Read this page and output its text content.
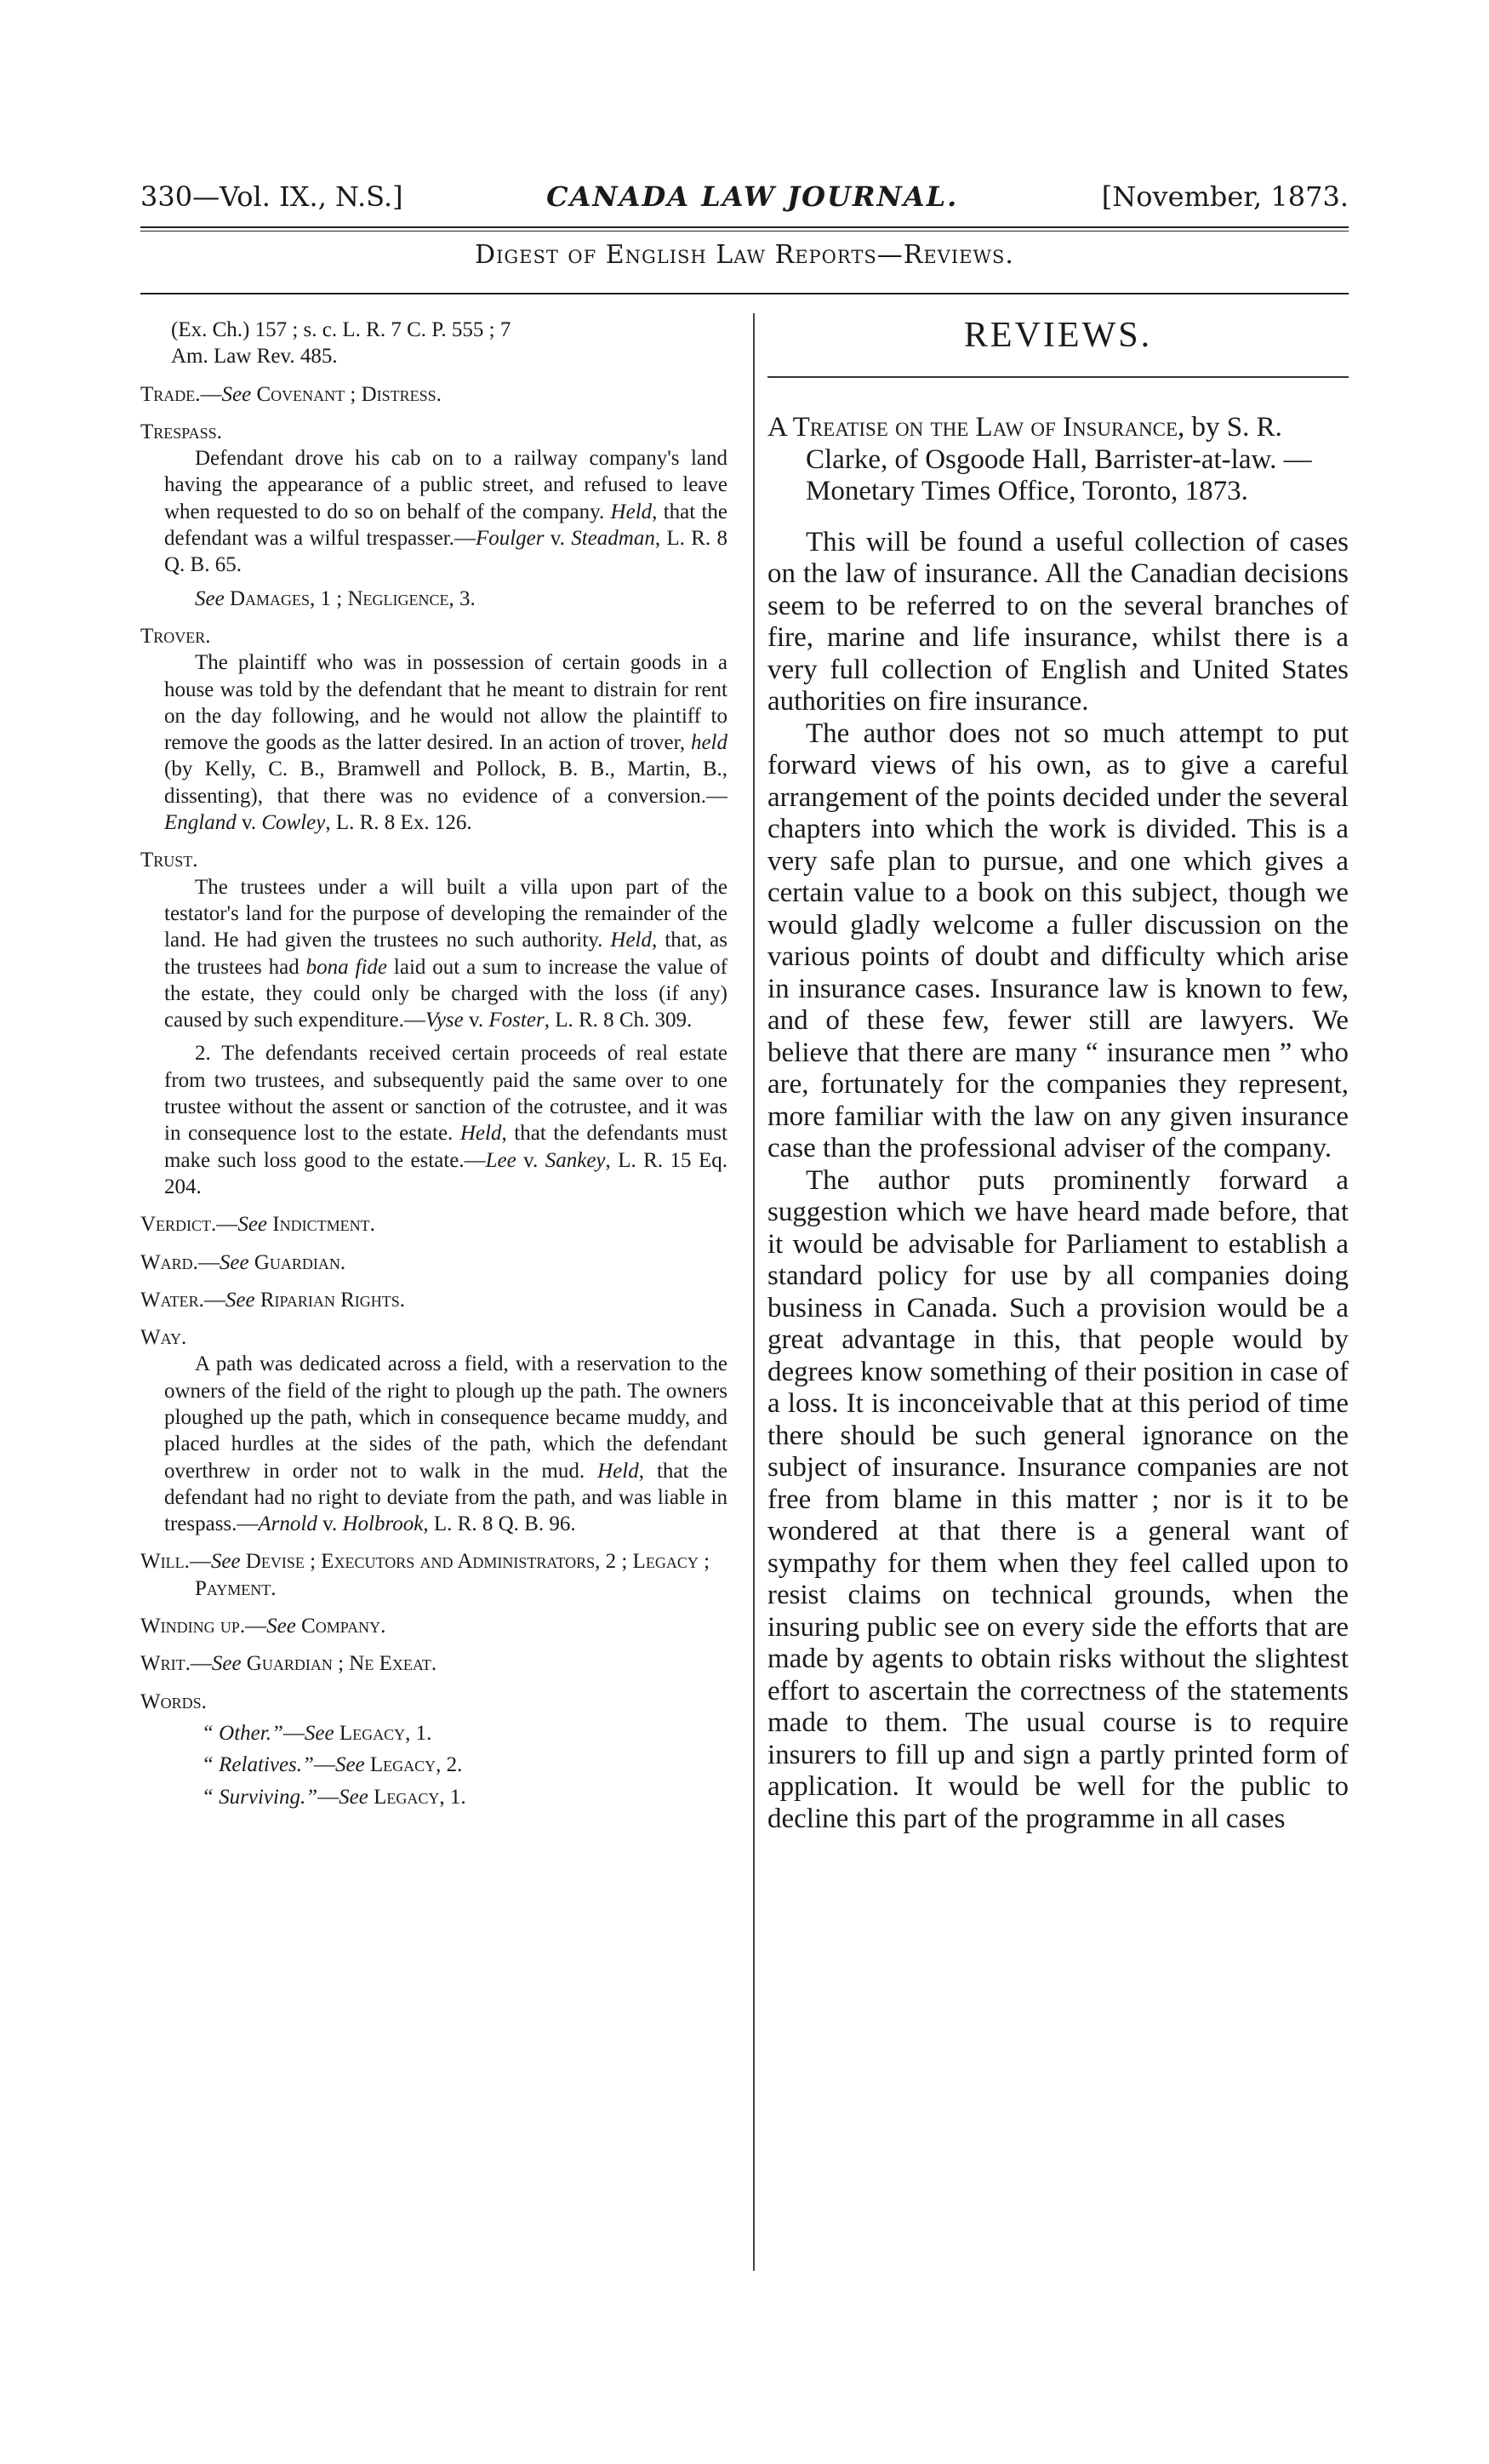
330—Vol. IX., N.S.]	CANADA LAW JOURNAL.	[November, 1873.
Digest of English Law Reports—Reviews.

(Ex. Ch.) 157 ; s. c. L. R. 7 C. P. 555 ; 7

Am. Law Rev. 485.

Trade.—See Covenant ; Distress.

Trespass.

Defendant drove his cab on to a railway company's land having the appearance of a public street, and refused to leave when requested to do so on behalf of the company. Held, that the defendant was a wilful trespasser.—Foulger v. Steadman, L. R. 8 Q. B. 65.

See Damages, 1 ; Negligence, 3.

Trover.

The plaintiff who was in possession of certain goods in a house was told by the defendant that he meant to distrain for rent on the day following, and he would not allow the plaintiff to remove the goods as the latter desired. In an action of trover, held (by Kelly, C. B., Bramwell and Pollock, B. B., Martin, B., dissenting), that there was no evidence of a conversion.—England v. Cowley, L. R. 8 Ex. 126.

Trust.

The trustees under a will built a villa upon part of the testator's land for the purpose of developing the remainder of the land. He had given the trustees no such authority. Held, that, as the trustees had bona fide laid out a sum to increase the value of the estate, they could only be charged with the loss (if any) caused by such expenditure.—Vyse v. Foster, L. R. 8 Ch. 309.

2. The defendants received certain proceeds of real estate from two trustees, and subsequently paid the same over to one trustee without the assent or sanction of the cotrustee, and it was in consequence lost to the estate. Held, that the defendants must make such loss good to the estate.—Lee v. Sankey, L. R. 15 Eq. 204.

Verdict.—See Indictment.

Ward.—See Guardian.

Water.—See Riparian Rights.

Way.

A path was dedicated across a field, with a reservation to the owners of the field of the right to plough up the path. The owners ploughed up the path, which in consequence became muddy, and placed hurdles at the sides of the path, which the defendant overthrew in order not to walk in the mud. Held, that the defendant had no right to deviate from the path, and was liable in trespass.—Arnold v. Holbrook, L. R. 8 Q. B. 96.

Will.—See Devise ; Executors and Administrators, 2 ; Legacy ; Payment.

Winding up.—See Company.

Writ.—See Guardian ; Ne Exeat.

Words.

“ Other.”—See Legacy, 1.

“ Relatives.”—See Legacy, 2.

“ Surviving.”—See Legacy, 1.

REVIEWS.

A Treatise on the Law of Insurance, by S. R. Clarke, of Osgoode Hall, Barrister-at-law. — Monetary Times Office, Toronto, 1873.

This will be found a useful collection of cases on the law of insurance. All the Canadian decisions seem to be referred to on the several branches of fire, marine and life insurance, whilst there is a very full collection of English and United States authorities on fire insurance.

The author does not so much attempt to put forward views of his own, as to give a careful arrangement of the points decided under the several chapters into which the work is divided. This is a very safe plan to pursue, and one which gives a certain value to a book on this subject, though we would gladly welcome a fuller discussion on the various points of doubt and difficulty which arise in insurance cases. Insurance law is known to few, and of these few, fewer still are lawyers. We believe that there are many “ insurance men ” who are, fortunately for the companies they represent, more familiar with the law on any given insurance case than the professional adviser of the company.

The author puts prominently forward a suggestion which we have heard made before, that it would be advisable for Parliament to establish a standard policy for use by all companies doing business in Canada. Such a provision would be a great advantage in this, that people would by degrees know something of their position in case of a loss. It is inconceivable that at this period of time there should be such general ignorance on the subject of insurance. Insurance companies are not free from blame in this matter ; nor is it to be wondered at that there is a general want of sympathy for them when they feel called upon to resist claims on technical grounds, when the insuring public see on every side the efforts that are made by agents to obtain risks without the slightest effort to ascertain the correctness of the statements made to them. The usual course is to require insurers to fill up and sign a partly printed form of application. It would be well for the public to decline this part of the programme in all cases
